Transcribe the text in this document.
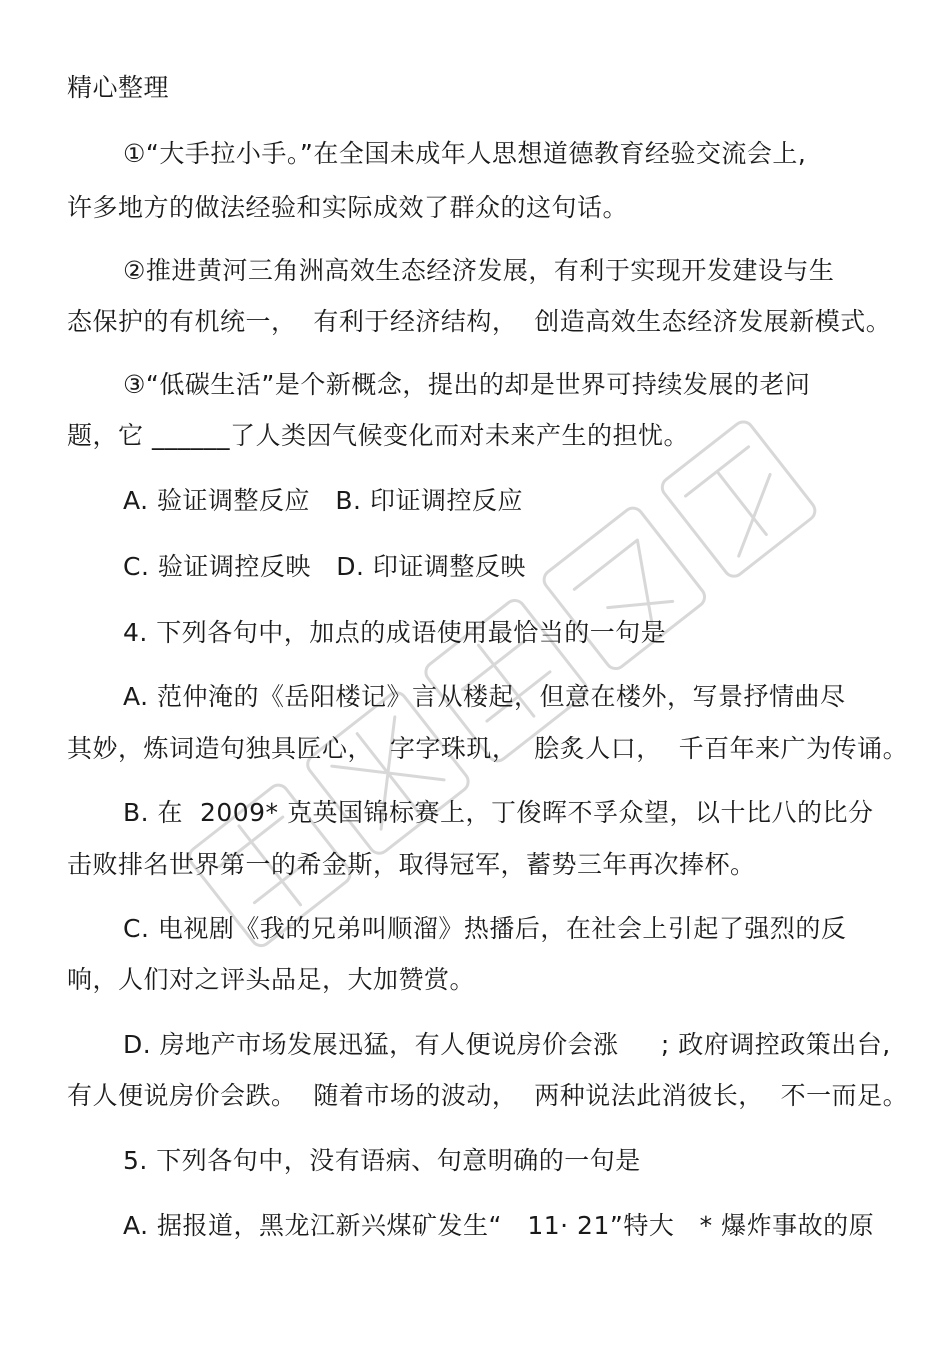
精心整理
①“大手拉小手。”在全国未成年人思想道德教育经验交流会上,
许多地方的做法经验和实际成效了群众的这句话。
②推进黄河三角洲高效生态经济发展，有利于实现开发建设与生
态保护的有机统一，  有利于经济结构，  创造高效生态经济发展新模式。
③“低碳生活”是个新概念，提出的却是世界可持续发展的老问
题，它 ______了人类因气候变化而对未来产生的担忧。
A. 验证调整反应   B. 印证调控反应
C. 验证调控反映   D. 印证调整反映
4. 下列各句中，加点的成语使用最恰当的一句是
A. 范仲淹的《岳阳楼记》言从楼起，但意在楼外，写景抒情曲尽
其妙，炼词造句独具匠心，  字字珠玑，  脍炙人口，  千百年来广为传诵。
B. 在  2009* 克英国锦标赛上，丁俊晖不孚众望，以十比八的比分
击败排名世界第一的希金斯，取得冠军，蓄势三年再次捧杯。
C. 电视剧《我的兄弟叫顺溜》热播后，在社会上引起了强烈的反
响，人们对之评头品足，大加赞赏。
D. 房地产市场发展迅猛，有人便说房价会涨     ; 政府调控政策出台,
有人便说房价会跌。  随着市场的波动，  两种说法此消彼长，  不一而足。
5. 下列各句中，没有语病、句意明确的一句是
A. 据报道，黑龙江新兴煤矿发生“   11· 21”特大   * 爆炸事故的原
